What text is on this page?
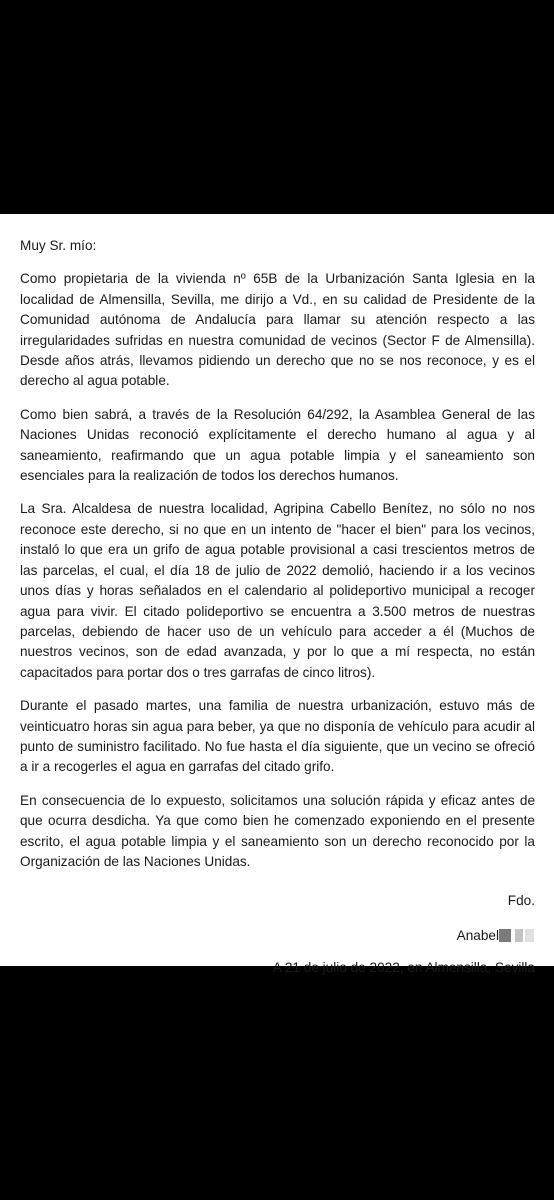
Muy Sr. mío:

Como propietaria de la vivienda nº 65B de la Urbanización Santa Iglesia en la localidad de Almensilla, Sevilla, me dirijo a Vd., en su calidad de Presidente de la Comunidad autónoma de Andalucía para llamar su atención respecto a las irregularidades sufridas en nuestra comunidad de vecinos (Sector F de Almensilla). Desde años atrás, llevamos pidiendo un derecho que no se nos reconoce, y es el derecho al agua potable.

Como bien sabrá, a través de la Resolución 64/292, la Asamblea General de las Naciones Unidas reconoció explícitamente el derecho humano al agua y al saneamiento, reafirmando que un agua potable limpia y el saneamiento son esenciales para la realización de todos los derechos humanos.

La Sra. Alcaldesa de nuestra localidad, Agripina Cabello Benítez, no sólo no nos reconoce este derecho, si no que en un intento de "hacer el bien" para los vecinos, instaló lo que era un grifo de agua potable provisional a casi trescientos metros de las parcelas, el cual, el día 18 de julio de 2022 demolió, haciendo ir a los vecinos unos días y horas señalados en el calendario al polideportivo municipal a recoger agua para vivir. El citado polideportivo se encuentra a 3.500 metros de nuestras parcelas, debiendo de hacer uso de un vehículo para acceder a él (Muchos de nuestros vecinos, son de edad avanzada, y por lo que a mí respecta, no están capacitados para portar dos o tres garrafas de cinco litros).

Durante el pasado martes, una familia de nuestra urbanización, estuvo más de veinticuatro horas sin agua para beber, ya que no disponía de vehículo para acudir al punto de suministro facilitado. No fue hasta el día siguiente, que un vecino se ofreció a ir a recogerles el agua en garrafas del citado grifo.

En consecuencia de lo expuesto, solicitamos una solución rápida y eficaz antes de que ocurra desdicha. Ya que como bien he comenzado exponiendo en el presente escrito, el agua potable limpia y el saneamiento son un derecho reconocido por la Organización de las Naciones Unidas.

Fdo.
Anabel
A 21 de julio de 2022, en Almensilla, Sevilla
